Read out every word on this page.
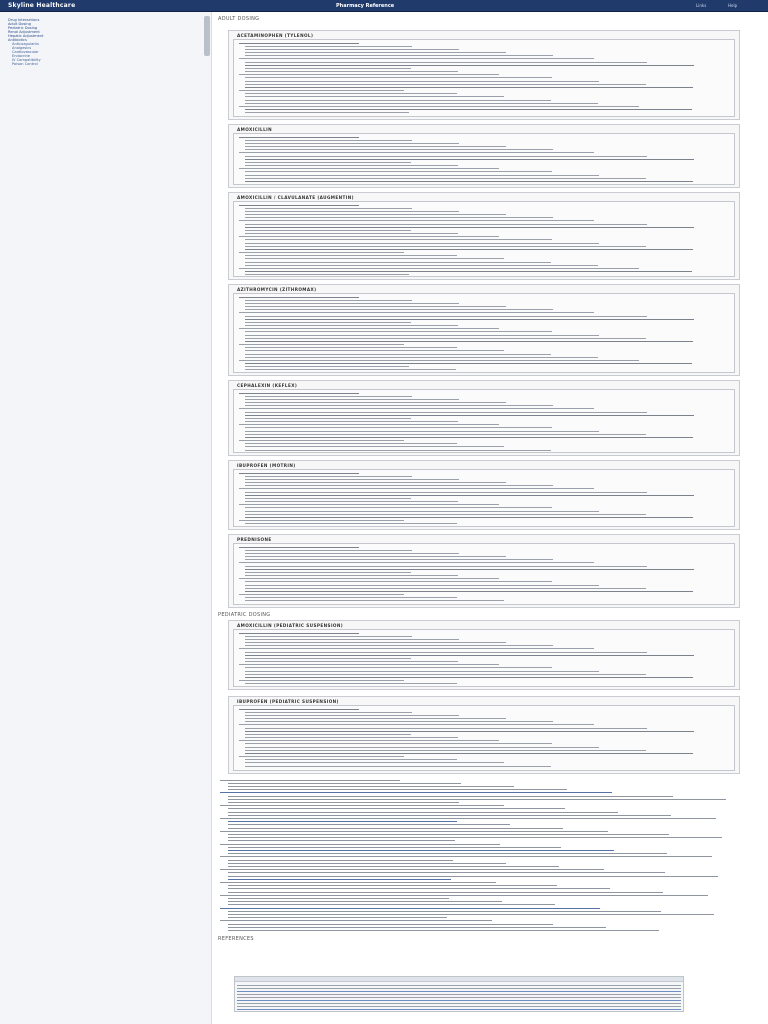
Skyline Healthcare	Pharmacy Reference	Links	Help
Drug Interactions
Adult Dosing
Pediatric Dosing
Renal Adjustment
Hepatic Adjustment
Antibiotics
Anticoagulants
Analgesics
Cardiovascular
Endocrine
IV Compatibility
Poison Control
ADULT DOSING
ACETAMINOPHEN (TYLENOL)
AMOXICILLIN
AMOXICILLIN / CLAVULANATE (AUGMENTIN)
AZITHROMYCIN (ZITHROMAX)
CEPHALEXIN (KEFLEX)
IBUPROFEN (MOTRIN)
PREDNISONE
PEDIATRIC DOSING
AMOXICILLIN (PEDIATRIC SUSPENSION)
IBUPROFEN (PEDIATRIC SUSPENSION)
REFERENCES
